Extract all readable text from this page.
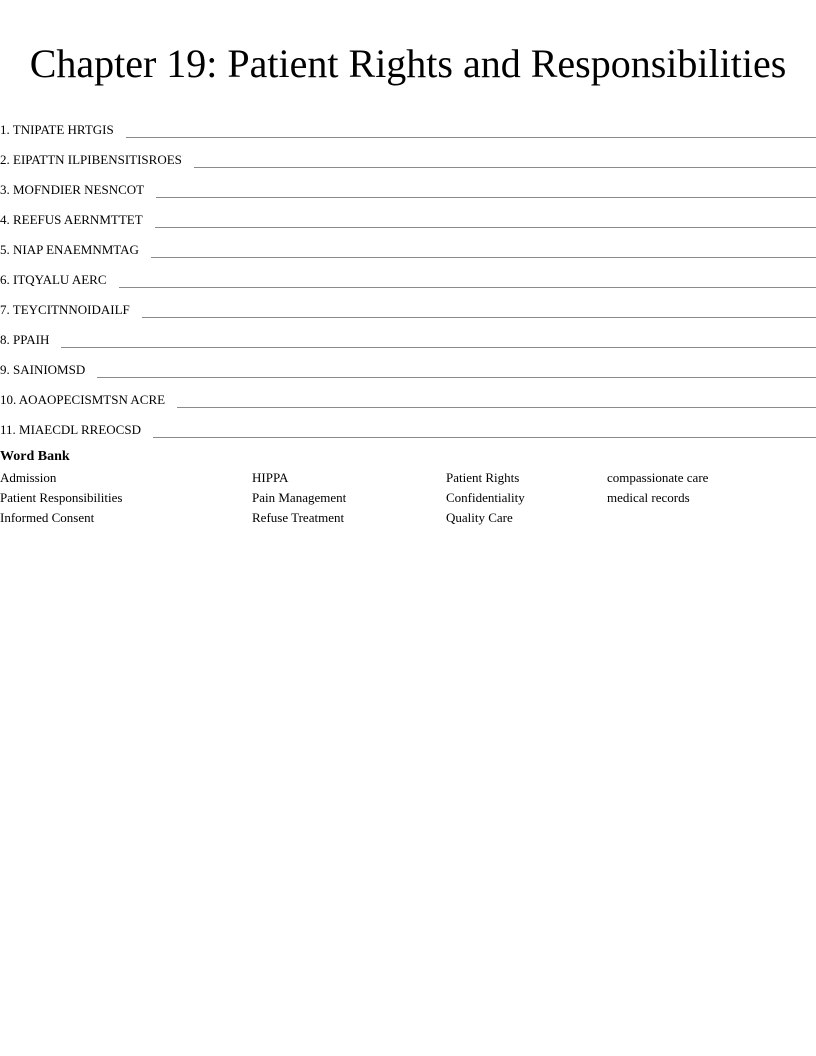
Chapter 19: Patient Rights and Responsibilities
1. TNIPATE HRTGIS
2. EIPATTN ILPIBENSITISROES
3. MOFNDIER NESNCOT
4. REEFUS AERNMTTET
5. NIAP ENAEMNMTAG
6. ITQYALU AERC
7. TEYCITNNOIDAILF
8. PPAIH
9. SAINIOMSD
10. AOAOPECISMTSN ACRE
11. MIAECDL RREOCSD
Word Bank
Admission
Patient Responsibilities
Informed Consent
HIPPA
Pain Management
Refuse Treatment
Patient Rights
Confidentiality
Quality Care
compassionate care
medical records
